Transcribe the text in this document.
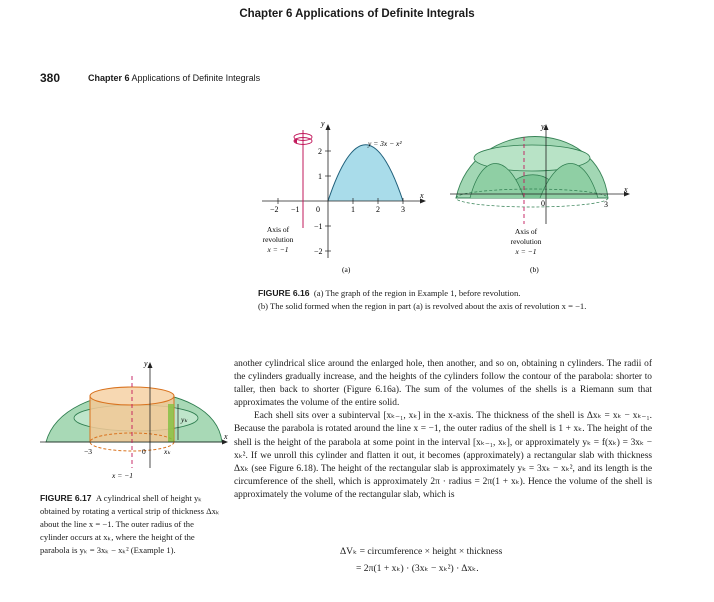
Chapter 6 Applications of Definite Integrals
380	Chapter 6 Applications of Definite Integrals
x
y
−2 −1 0	1	2	3
2
1
−1
−2
y = 3x − x²
Axis of
revolution
x = −1
(a)
x
y
0	3
Axis of
revolution
x = −1
(b)
FIGURE 6.16 (a) The graph of the region in Example 1, before revolution.
(b) The solid formed when the region in part (a) is revolved about the axis of revolution x = −1.
yₖ
x
y
−3	0 xₖ
x = −1
FIGURE 6.17 A cylindrical shell of height yₖ obtained by rotating a vertical strip of thickness Δxₖ about the line x = −1. The outer radius of the cylinder occurs at xₖ, where the height of the parabola is yₖ = 3xₖ − xₖ² (Example 1).

another cylindrical slice around the enlarged hole, then another, and so on, obtaining n cylinders. The radii of the cylinders gradually increase, and the heights of the cylinders follow the contour of the parabola: shorter to taller, then back to shorter (Figure 6.16a). The sum of the volumes of the shells is a Riemann sum that approximates the volume of the entire solid.

Each shell sits over a subinterval [xₖ₋₁, xₖ] in the x-axis. The thickness of the shell is Δxₖ = xₖ − xₖ₋₁. Because the parabola is rotated around the line x = −1, the outer radius of the shell is 1 + xₖ. The height of the shell is the height of the parabola at some point in the interval [xₖ₋₁, xₖ], or approximately yₖ = f(xₖ) = 3xₖ − xₖ². If we unroll this cylinder and flatten it out, it becomes (approximately) a rectangular slab with thickness Δxₖ (see Figure 6.18). The height of the rectangular slab is approximately yₖ = 3xₖ − xₖ², and its length is the circumference of the shell, which is approximately 2π · radius = 2π(1 + xₖ). Hence the volume of the shell is approximately the volume of the rectangular slab, which is

ΔVₖ = circumference × height × thickness
= 2π(1 + xₖ) · (3xₖ − xₖ²) · Δxₖ.
